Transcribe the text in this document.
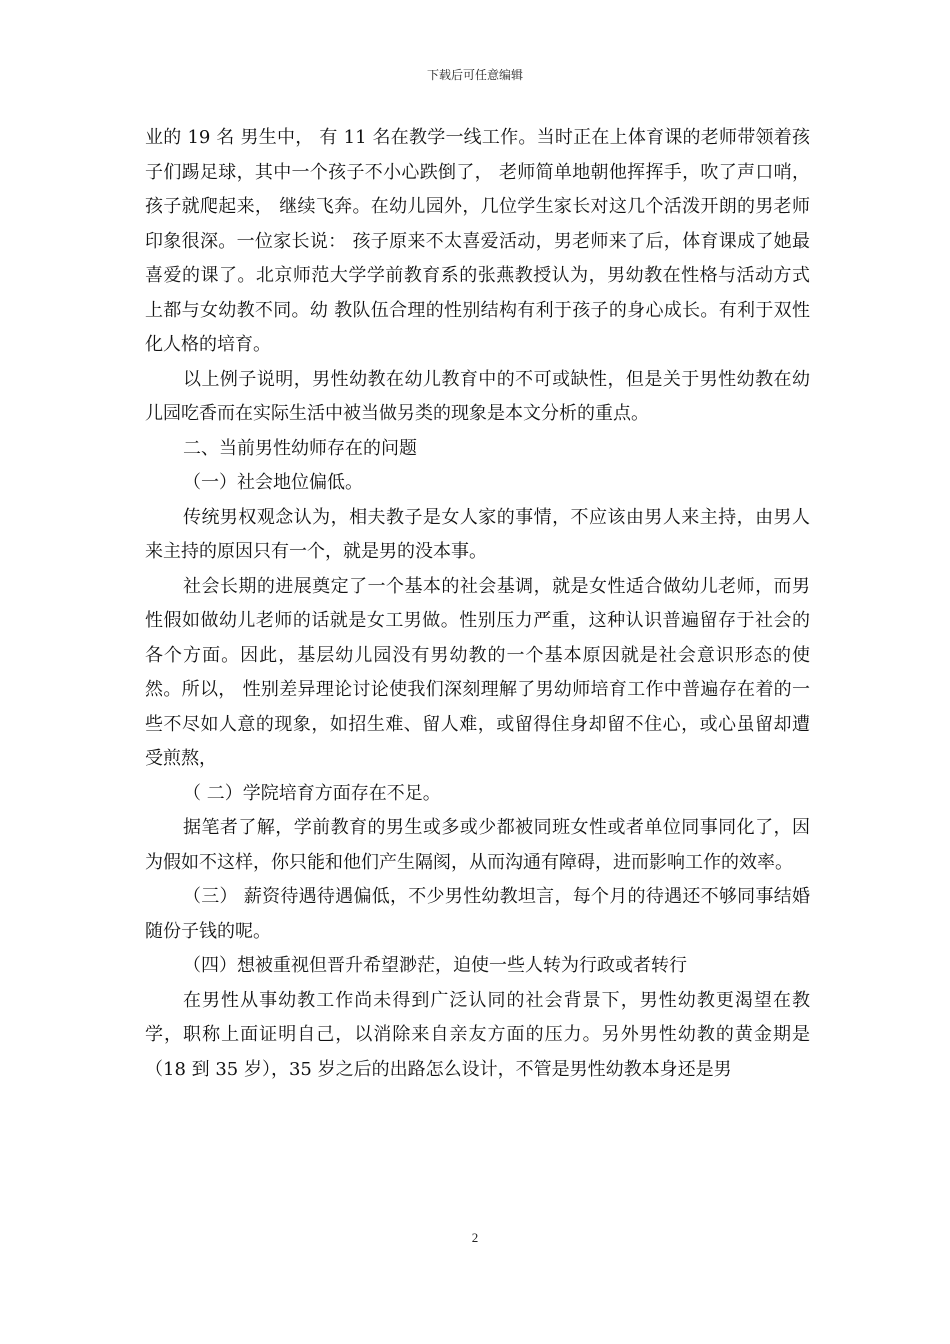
下载后可任意编辑

业的 19 名 男生中， 有 11 名在教学一线工作。当时正在上体育课的老师带领着孩子们踢足球，其中一个孩子不小心跌倒了， 老师简单地朝他挥挥手，吹了声口哨， 孩子就爬起来， 继续飞奔。在幼儿园外，几位学生家长对这几个活泼开朗的男老师印象很深。一位家长说： 孩子原来不太喜爱活动，男老师来了后，体育课成了她最喜爱的课了。北京师范大学学前教育系的张燕教授认为，男幼教在性格与活动方式上都与女幼教不同。幼 教队伍合理的性别结构有利于孩子的身心成长。有利于双性化人格的培育。

以上例子说明，男性幼教在幼儿教育中的不可或缺性，但是关于男性幼教在幼儿园吃香而在实际生活中被当做另类的现象是本文分析的重点。

二、当前男性幼师存在的问题

（一）社会地位偏低。

传统男权观念认为，相夫教子是女人家的事情，不应该由男人来主持，由男人来主持的原因只有一个，就是男的没本事。

社会长期的进展奠定了一个基本的社会基调，就是女性适合做幼儿老师，而男性假如做幼儿老师的话就是女工男做。性别压力严重，这种认识普遍留存于社会的各个方面。因此，基层幼儿园没有男幼教的一个基本原因就是社会意识形态的使然。所以， 性别差异理论讨论使我们深刻理解了男幼师培育工作中普遍存在着的一些不尽如人意的现象，如招生难、留人难，或留得住身却留不住心，或心虽留却遭受煎熬，

（ 二）学院培育方面存在不足。

据笔者了解，学前教育的男生或多或少都被同班女性或者单位同事同化了，因为假如不这样，你只能和他们产生隔阂，从而沟通有障碍，进而影响工作的效率。

（三） 薪资待遇待遇偏低，不少男性幼教坦言，每个月的待遇还不够同事结婚随份子钱的呢。

（四）想被重视但晋升希望渺茫，迫使一些人转为行政或者转行

在男性从事幼教工作尚未得到广泛认同的社会背景下，男性幼教更渴望在教学，职称上面证明自己，以消除来自亲友方面的压力。另外男性幼教的黄金期是（18 到 35 岁），35 岁之后的出路怎么设计，不管是男性幼教本身还是男

2
